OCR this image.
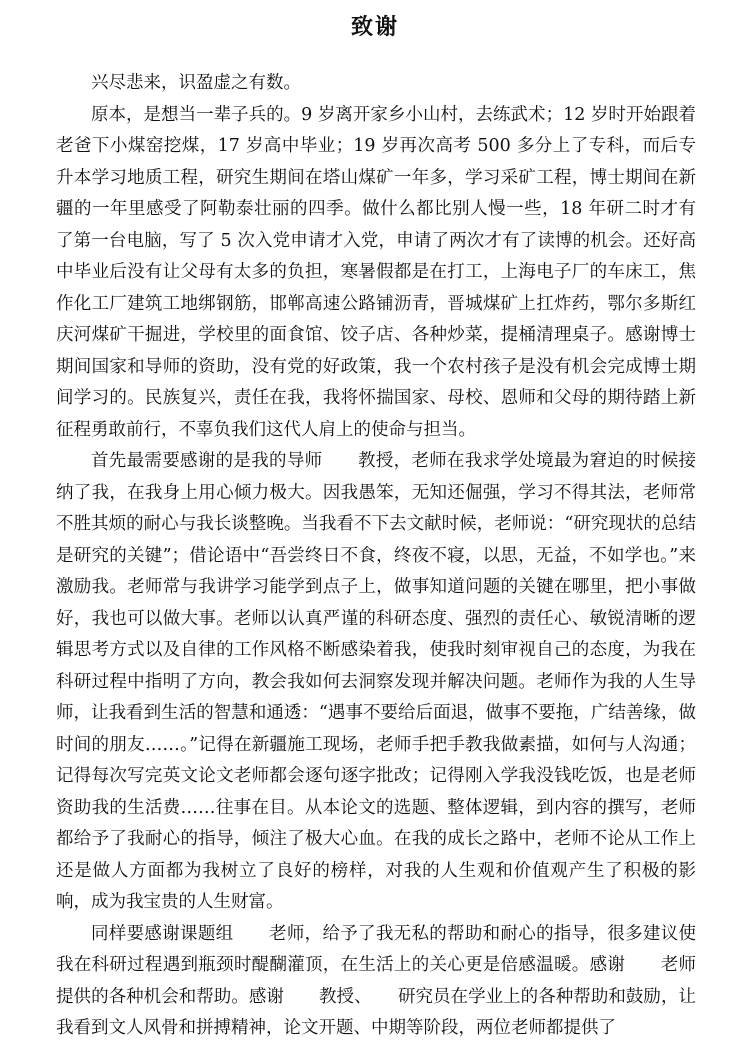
致谢

兴尽悲来，识盈虚之有数。

原本，是想当一辈子兵的。9 岁离开家乡小山村，去练武术；12 岁时开始跟着老爸下小煤窑挖煤，17 岁高中毕业；19 岁再次高考 500 多分上了专科，而后专升本学习地质工程，研究生期间在塔山煤矿一年多，学习采矿工程，博士期间在新疆的一年里感受了阿勒泰壮丽的四季。做什么都比别人慢一些，18 年研二时才有了第一台电脑，写了 5 次入党申请才入党，申请了两次才有了读博的机会。还好高中毕业后没有让父母有太多的负担，寒暑假都是在打工，上海电子厂的车床工，焦作化工厂建筑工地绑钢筋，邯郸高速公路铺沥青，晋城煤矿上扛炸药，鄂尔多斯红庆河煤矿干掘进，学校里的面食馆、饺子店、各种炒菜，提桶清理桌子。感谢博士期间国家和导师的资助，没有党的好政策，我一个农村孩子是没有机会完成博士期间学习的。民族复兴，责任在我，我将怀揣国家、母校、恩师和父母的期待踏上新征程勇敢前行，不辜负我们这代人肩上的使命与担当。

首先最需要感谢的是我的导师　　教授，老师在我求学处境最为窘迫的时候接纳了我，在我身上用心倾力极大。因我愚笨，无知还倔强，学习不得其法，老师常不胜其烦的耐心与我长谈整晚。当我看不下去文献时候，老师说：“研究现状的总结是研究的关键”；借论语中“吾尝终日不食，终夜不寝，以思，无益，不如学也。”来激励我。老师常与我讲学习能学到点子上，做事知道问题的关键在哪里，把小事做好，我也可以做大事。老师以认真严谨的科研态度、强烈的责任心、敏锐清晰的逻辑思考方式以及自律的工作风格不断感染着我，使我时刻审视自己的态度，为我在科研过程中指明了方向，教会我如何去洞察发现并解决问题。老师作为我的人生导师，让我看到生活的智慧和通透：“遇事不要给后面退，做事不要拖，广结善缘，做时间的朋友……。”记得在新疆施工现场，老师手把手教我做素描，如何与人沟通；记得每次写完英文论文老师都会逐句逐字批改；记得刚入学我没钱吃饭，也是老师资助我的生活费……往事在目。从本论文的选题、整体逻辑，到内容的撰写，老师都给予了我耐心的指导，倾注了极大心血。在我的成长之路中，老师不论从工作上还是做人方面都为我树立了良好的榜样，对我的人生观和价值观产生了积极的影响，成为我宝贵的人生财富。

同样要感谢课题组　　老师，给予了我无私的帮助和耐心的指导，很多建议使我在科研过程遇到瓶颈时醍醐灌顶，在生活上的关心更是倍感温暖。感谢　　老师提供的各种机会和帮助。感谢　　教授、　　研究员在学业上的各种帮助和鼓励，让我看到文人风骨和拼搏精神，论文开题、中期等阶段，两位老师都提供了
